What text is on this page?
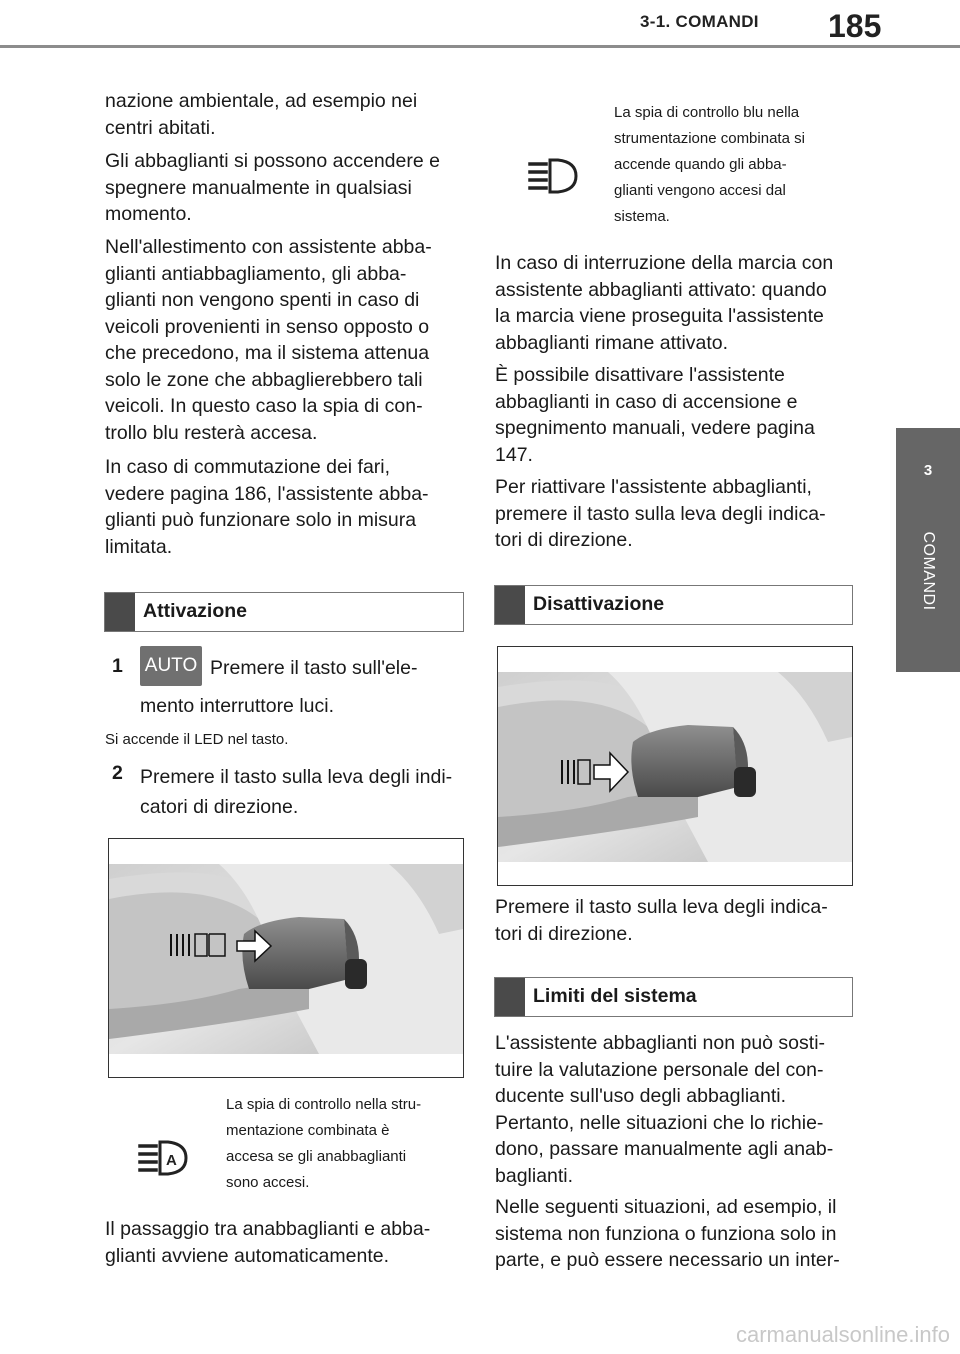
3-1. COMANDI 185
3
COMANDI
nazione ambientale, ad esempio nei
centri abitati.
Gli abbaglianti si possono accendere e
spegnere manualmente in qualsiasi
momento.
Nell'allestimento con assistente abba-
glianti antiabbagliamento, gli abba-
glianti non vengono spenti in caso di
veicoli provenienti in senso opposto o
che precedono, ma il sistema attenua
solo le zone che abbaglierebbero tali
veicoli. In questo caso la spia di con-
trollo blu resterà accesa.
In caso di commutazione dei fari,
vedere pagina 186, l'assistente abba-
glianti può funzionare solo in misura
limitata.
Attivazione
1 AUTO Premere il tasto sull'ele-
mento interruttore luci.
Si accende il LED nel tasto.
2 Premere il tasto sulla leva degli indi-
catori di direzione.
A
La spia di controllo nella stru-
mentazione combinata è
accesa se gli anabbaglianti
sono accesi.
Il passaggio tra anabbaglianti e abba-
glianti avviene automaticamente.
La spia di controllo blu nella
strumentazione combinata si
accende quando gli abba-
glianti vengono accesi dal
sistema.
In caso di interruzione della marcia con
assistente abbaglianti attivato: quando
la marcia viene proseguita l'assistente
abbaglianti rimane attivato.
È possibile disattivare l'assistente
abbaglianti in caso di accensione e
spegnimento manuali, vedere pagina
147.
Per riattivare l'assistente abbaglianti,
premere il tasto sulla leva degli indica-
tori di direzione.
Disattivazione
Premere il tasto sulla leva degli indica-
tori di direzione.
Limiti del sistema
L'assistente abbaglianti non può sosti-
tuire la valutazione personale del con-
ducente sull'uso degli abbaglianti.
Pertanto, nelle situazioni che lo richie-
dono, passare manualmente agli anab-
baglianti.
Nelle seguenti situazioni, ad esempio, il
sistema non funziona o funziona solo in
parte, e può essere necessario un inter-
carmanualsonline.info
